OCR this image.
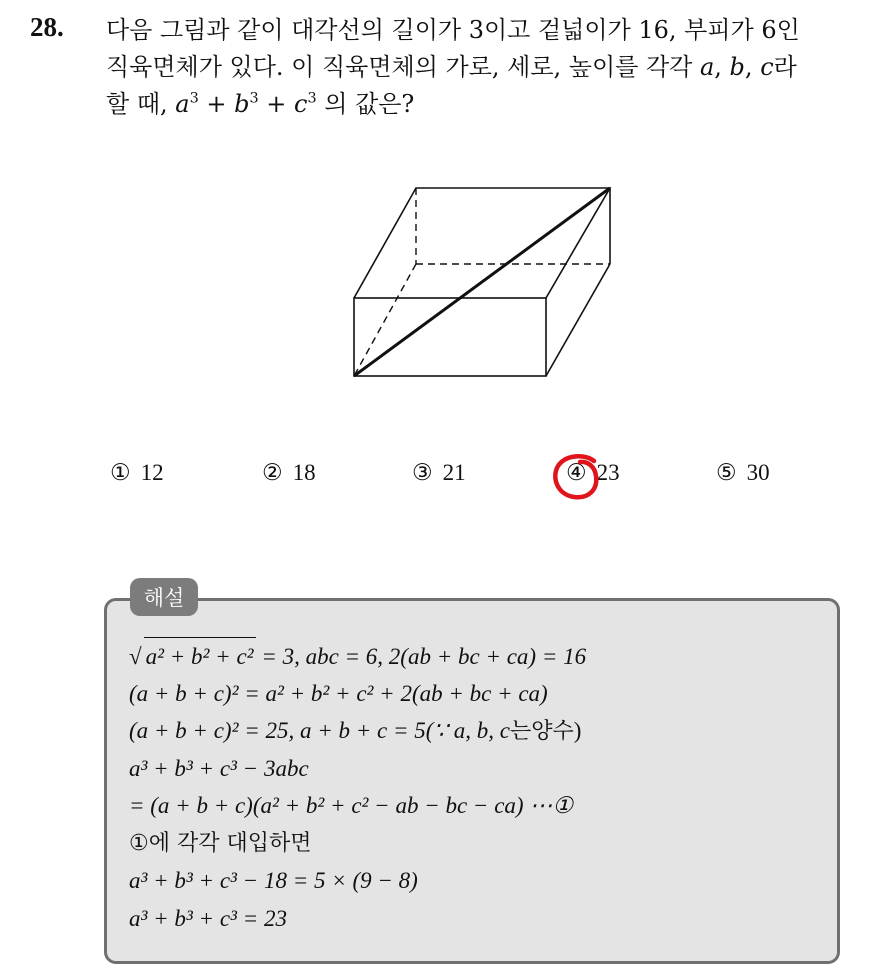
28. 다음 그림과 같이 대각선의 길이가 3이고 겉넓이가 16, 부피가 6인
직육면체가 있다. 이 직육면체의 가로, 세로, 높이를 각각 a, b, c라
할 때, $a^3 + b^3 + c^3$ 의 값은?
① 12	② 18	③ 21	④ 23	⑤ 30
해설
√ a² + b² + c² = 3, abc = 6, 2(ab + bc + ca) = 16
(a + b + c)² = a² + b² + c² + 2(ab + bc + ca)
(a + b + c)² = 25, a + b + c = 5(∵ a, b, c는양수)
a³ + b³ + c³ − 3abc
= (a + b + c)(a² + b² + c² − ab − bc − ca) ⋯①
①에 각각 대입하면
a³ + b³ + c³ − 18 = 5 × (9 − 8)
a³ + b³ + c³ = 23
